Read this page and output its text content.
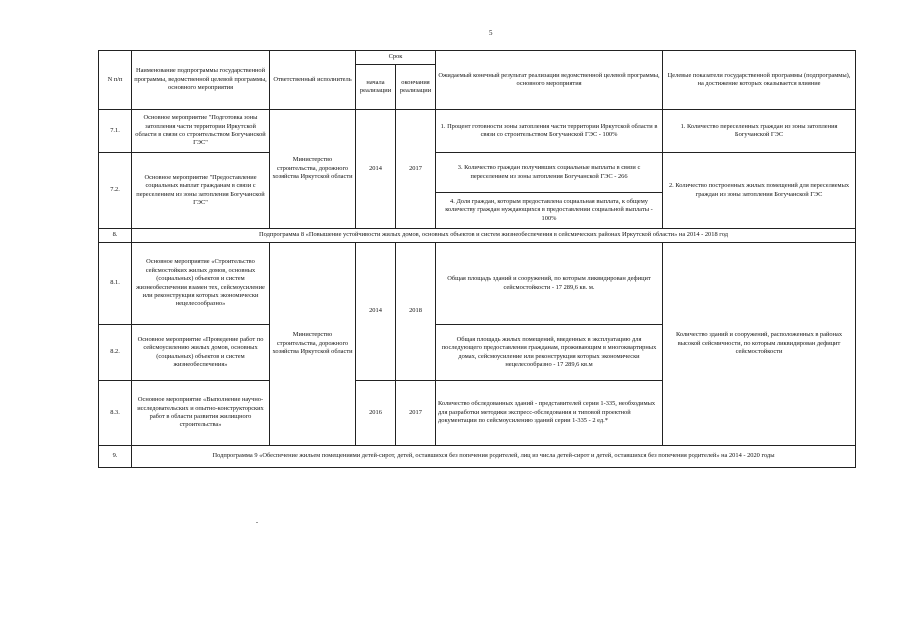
5
N п/п	Наименование подпрограммы государственной программы, ведомственной целевой программы, основного мероприятия	Ответственный исполнитель	Срок		Ожидаемый конечный результат реализации ведомственной целевой программы, основного мероприятия	Целевые показатели государственной программы (подпрограммы), на достижение которых оказывается влияние
			начала реализации	окончания реализации		
7.1.	Основное мероприятие "Подготовка зоны затопления части территории Иркутской области в связи со строительством Богучанской ГЭС"	Министерство строительства, дорожного хозяйства Иркутской области	2014	2017	1. Процент готовности зоны затопления части территории Иркутской области в связи со строительством Богучанской ГЭС - 100%	1. Количество переселенных граждан из зоны затопления Богучанской ГЭС
7.2.	Основное мероприятие "Предоставление социальных выплат гражданам в связи с переселением из зоны затопления Богучанской ГЭС"				3. Количество граждан получивших социальные выплаты в связи с переселением из зоны затопления Богучанской ГЭС - 266	2. Количество построенных жилых помещений для переселяемых граждан из зоны затопления Богучанской ГЭС
					4. Доля граждан, которым предоставлена социальная выплата, к общему количеству граждан нуждающихся в предоставлении социальной выплаты - 100%	
8.	Подпрограмма 8 «Повышение устойчивости жилых домов, основных объектов и систем жизнеобеспечения в сейсмических районах Иркутской области» на 2014 - 2018 год					
8.1.	Основное мероприятие «Строительство сейсмостойких жилых домов, основных (социальных) объектов и систем жизнеобеспечения взамен тех, сейсмоусиление или реконструкция которых экономически нецелесообразно»	Министерство строительства, дорожного хозяйства Иркутской области	2014	2018	Общая площадь зданий и сооружений, по которым ликвидирован дефицит сейсмостойкости - 17 289,6 кв. м.	Количество зданий и сооружений, расположенных в районах высокой сейсмичности, по которым ликвидирован дефицит сейсмостойкости
8.2.	Основное мероприятие «Проведение работ по сейсмоусилению жилых домов, основных (социальных) объектов и систем жизнеобеспечения»				Общая площадь жилых помещений, введенных в эксплуатацию для последующего предоставления гражданам, проживающим в многоквартирных домах, сейсмоусиление или реконструкция которых экономически нецелесообразно - 17 289,6 кв.м	
8.3.	Основное мероприятие «Выполнение научно-исследовательских и опытно-конструкторских работ в области развития жилищного строительства»		2016	2017	Количество обследованных зданий - представителей серии 1-335, необходимых для разработки методики экспресс-обследования и типовой проектной документации по сейсмоусилению зданий серии 1-335 - 2 ед.*	
9.	Подпрограмма 9 «Обеспечение жильем помещениями детей-сирот, детей, оставшихся без попечения родителей, лиц из числа детей-сирот и детей, оставшихся без попечения родителей» на 2014 - 2020 годы					
